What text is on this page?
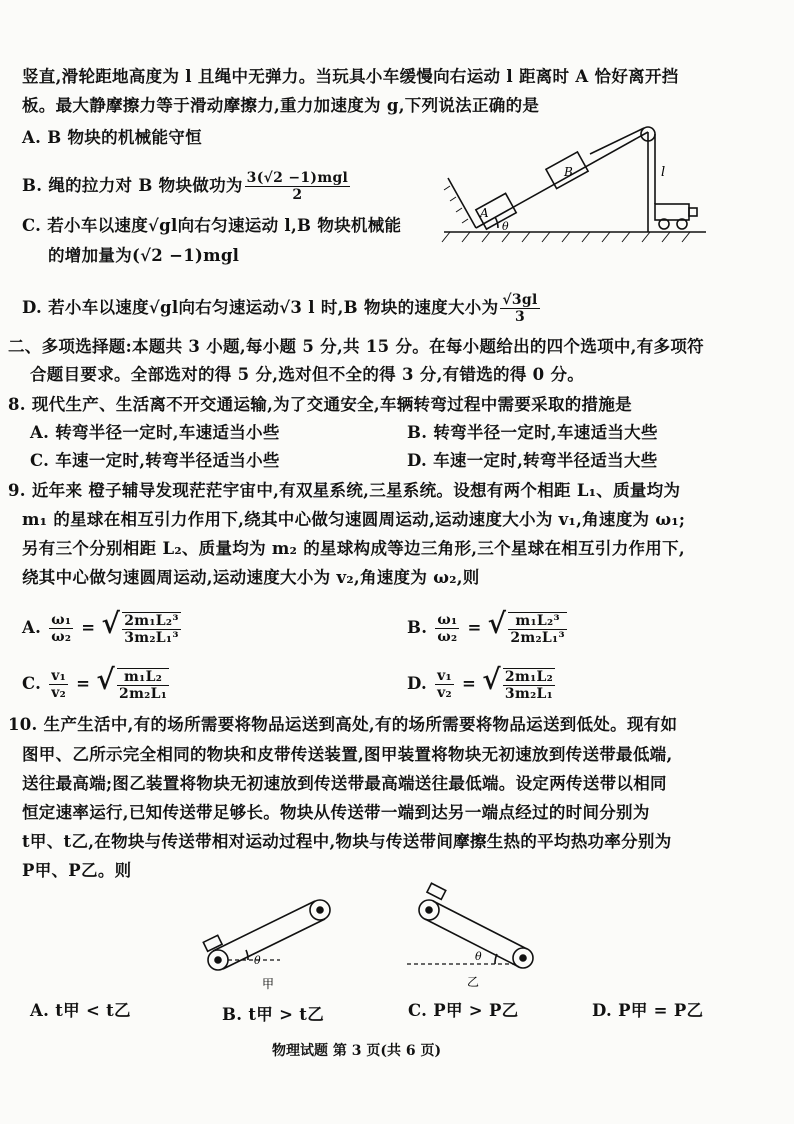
竖直,滑轮距地高度为 l 且绳中无弹力。当玩具小车缓慢向右运动 l 距离时 A 恰好离开挡
板。最大静摩擦力等于滑动摩擦力,重力加速度为 g,下列说法正确的是
A. B 物块的机械能守恒
B. 绳的拉力对 B 物块做功为 $\frac{\text{3(√2 −1)mgl}}{2}$
C. 若小车以速度√gl向右匀速运动 l,B 物块机械能
的增加量为(√2 −1)mgl
D. 若小车以速度√gl向右匀速运动√3 l 时,B 物块的速度大小为 $\frac{√3gl}{3}$
A
B
θ
l
二、多项选择题:本题共 3 小题,每小题 5 分,共 15 分。在每小题给出的四个选项中,有多项符
合题目要求。全部选对的得 5 分,选对但不全的得 3 分,有错选的得 0 分。
8. 现代生产、生活离不开交通运输,为了交通安全,车辆转弯过程中需要采取的措施是
A. 转弯半径一定时,车速适当小些	B. 转弯半径一定时,车速适当大些
C. 车速一定时,转弯半径适当小些	D. 车速一定时,转弯半径适当大些
9. 近年来 橙子辅导发现茫茫宇宙中,有双星系统,三星系统。设想有两个相距 L₁、质量均为
m₁ 的星球在相互引力作用下,绕其中心做匀速圆周运动,运动速度大小为 v₁,角速度为 ω₁;
另有三个分别相距 L₂、质量均为 m₂ 的星球构成等边三角形,三个星球在相互引力作用下,
绕其中心做匀速圆周运动,运动速度大小为 v₂,角速度为 ω₂,则
A. $\frac{\text{ω₁}}{\text{ω₂}}$ = √ $\frac{\text{2m₁L₂³}}{\text{3m₂L₁³}}$	B. $\frac{\text{ω₁}}{\text{ω₂}}$ = √ $\frac{\text{m₁L₂³}}{\text{2m₂L₁³}}$
C. $\frac{\text{v₁}}{\text{v₂}}$ = √ $\frac{\text{m₁L₂}}{\text{2m₂L₁}}$	D. $\frac{\text{v₁}}{\text{v₂}}$ = √ $\frac{\text{2m₁L₂}}{\text{3m₂L₁}}$
10. 生产生活中,有的场所需要将物品运送到高处,有的场所需要将物品运送到低处。现有如
图甲、乙所示完全相同的物块和皮带传送装置,图甲装置将物块无初速放到传送带最低端,
送往最高端;图乙装置将物块无初速放到传送带最高端送往最低端。设定两传送带以相同
恒定速率运行,已知传送带足够长。物块从传送带一端到达另一端点经过的时间分别为
t甲、t乙,在物块与传送带相对运动过程中,物块与传送带间摩擦生热的平均热功率分别为
P甲、P乙。则
θ
甲
θ
乙
A. t甲 < t乙	B. t甲 > t乙	C. P甲 > P乙	D. P甲 = P乙
物理试题 第 3 页(共 6 页)
